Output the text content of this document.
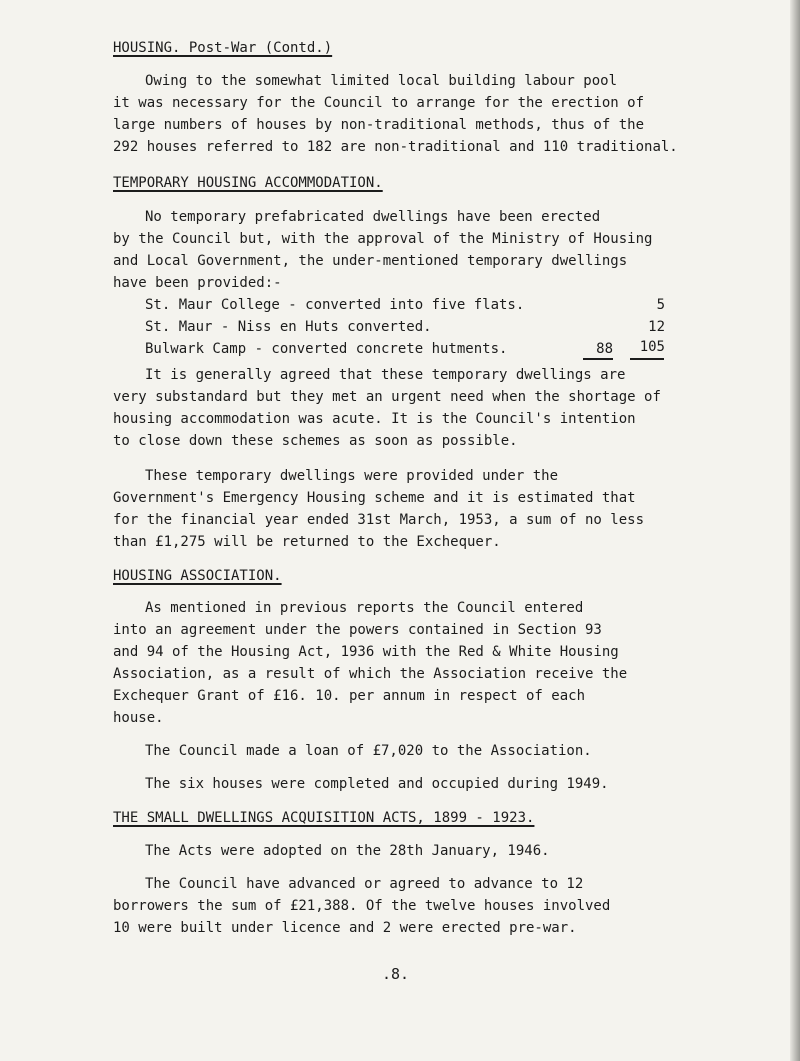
HOUSING. Post-War (Contd.)
Owing to the somewhat limited local building labour pool
it was necessary for the Council to arrange for the erection of
large numbers of houses by non-traditional methods, thus of the
292 houses referred to 182 are non-traditional and 110 traditional.
TEMPORARY HOUSING ACCOMMODATION.
No temporary prefabricated dwellings have been erected
by the Council but, with the approval of the Ministry of Housing
and Local Government, the under-mentioned temporary dwellings
have been provided:-
St. Maur College - converted into five flats.	5
St. Maur - Niss en Huts converted.	12
Bulwark Camp - converted concrete hutments.	88	105
It is generally agreed that these temporary dwellings are
very substandard but they met an urgent need when the shortage of
housing accommodation was acute. It is the Council's intention
to close down these schemes as soon as possible.
These temporary dwellings were provided under the
Government's Emergency Housing scheme and it is estimated that
for the financial year ended 31st March, 1953, a sum of no less
than £1,275 will be returned to the Exchequer.
HOUSING ASSOCIATION.
As mentioned in previous reports the Council entered
into an agreement under the powers contained in Section 93
and 94 of the Housing Act, 1936 with the Red & White Housing
Association, as a result of which the Association receive the
Exchequer Grant of £16. 10. per annum in respect of each
house.
The Council made a loan of £7,020 to the Association.
The six houses were completed and occupied during 1949.
THE SMALL DWELLINGS ACQUISITION ACTS, 1899 - 1923.
The Acts were adopted on the 28th January, 1946.
The Council have advanced or agreed to advance to 12
borrowers the sum of £21,388. Of the twelve houses involved
10 were built under licence and 2 were erected pre-war.
.8.
